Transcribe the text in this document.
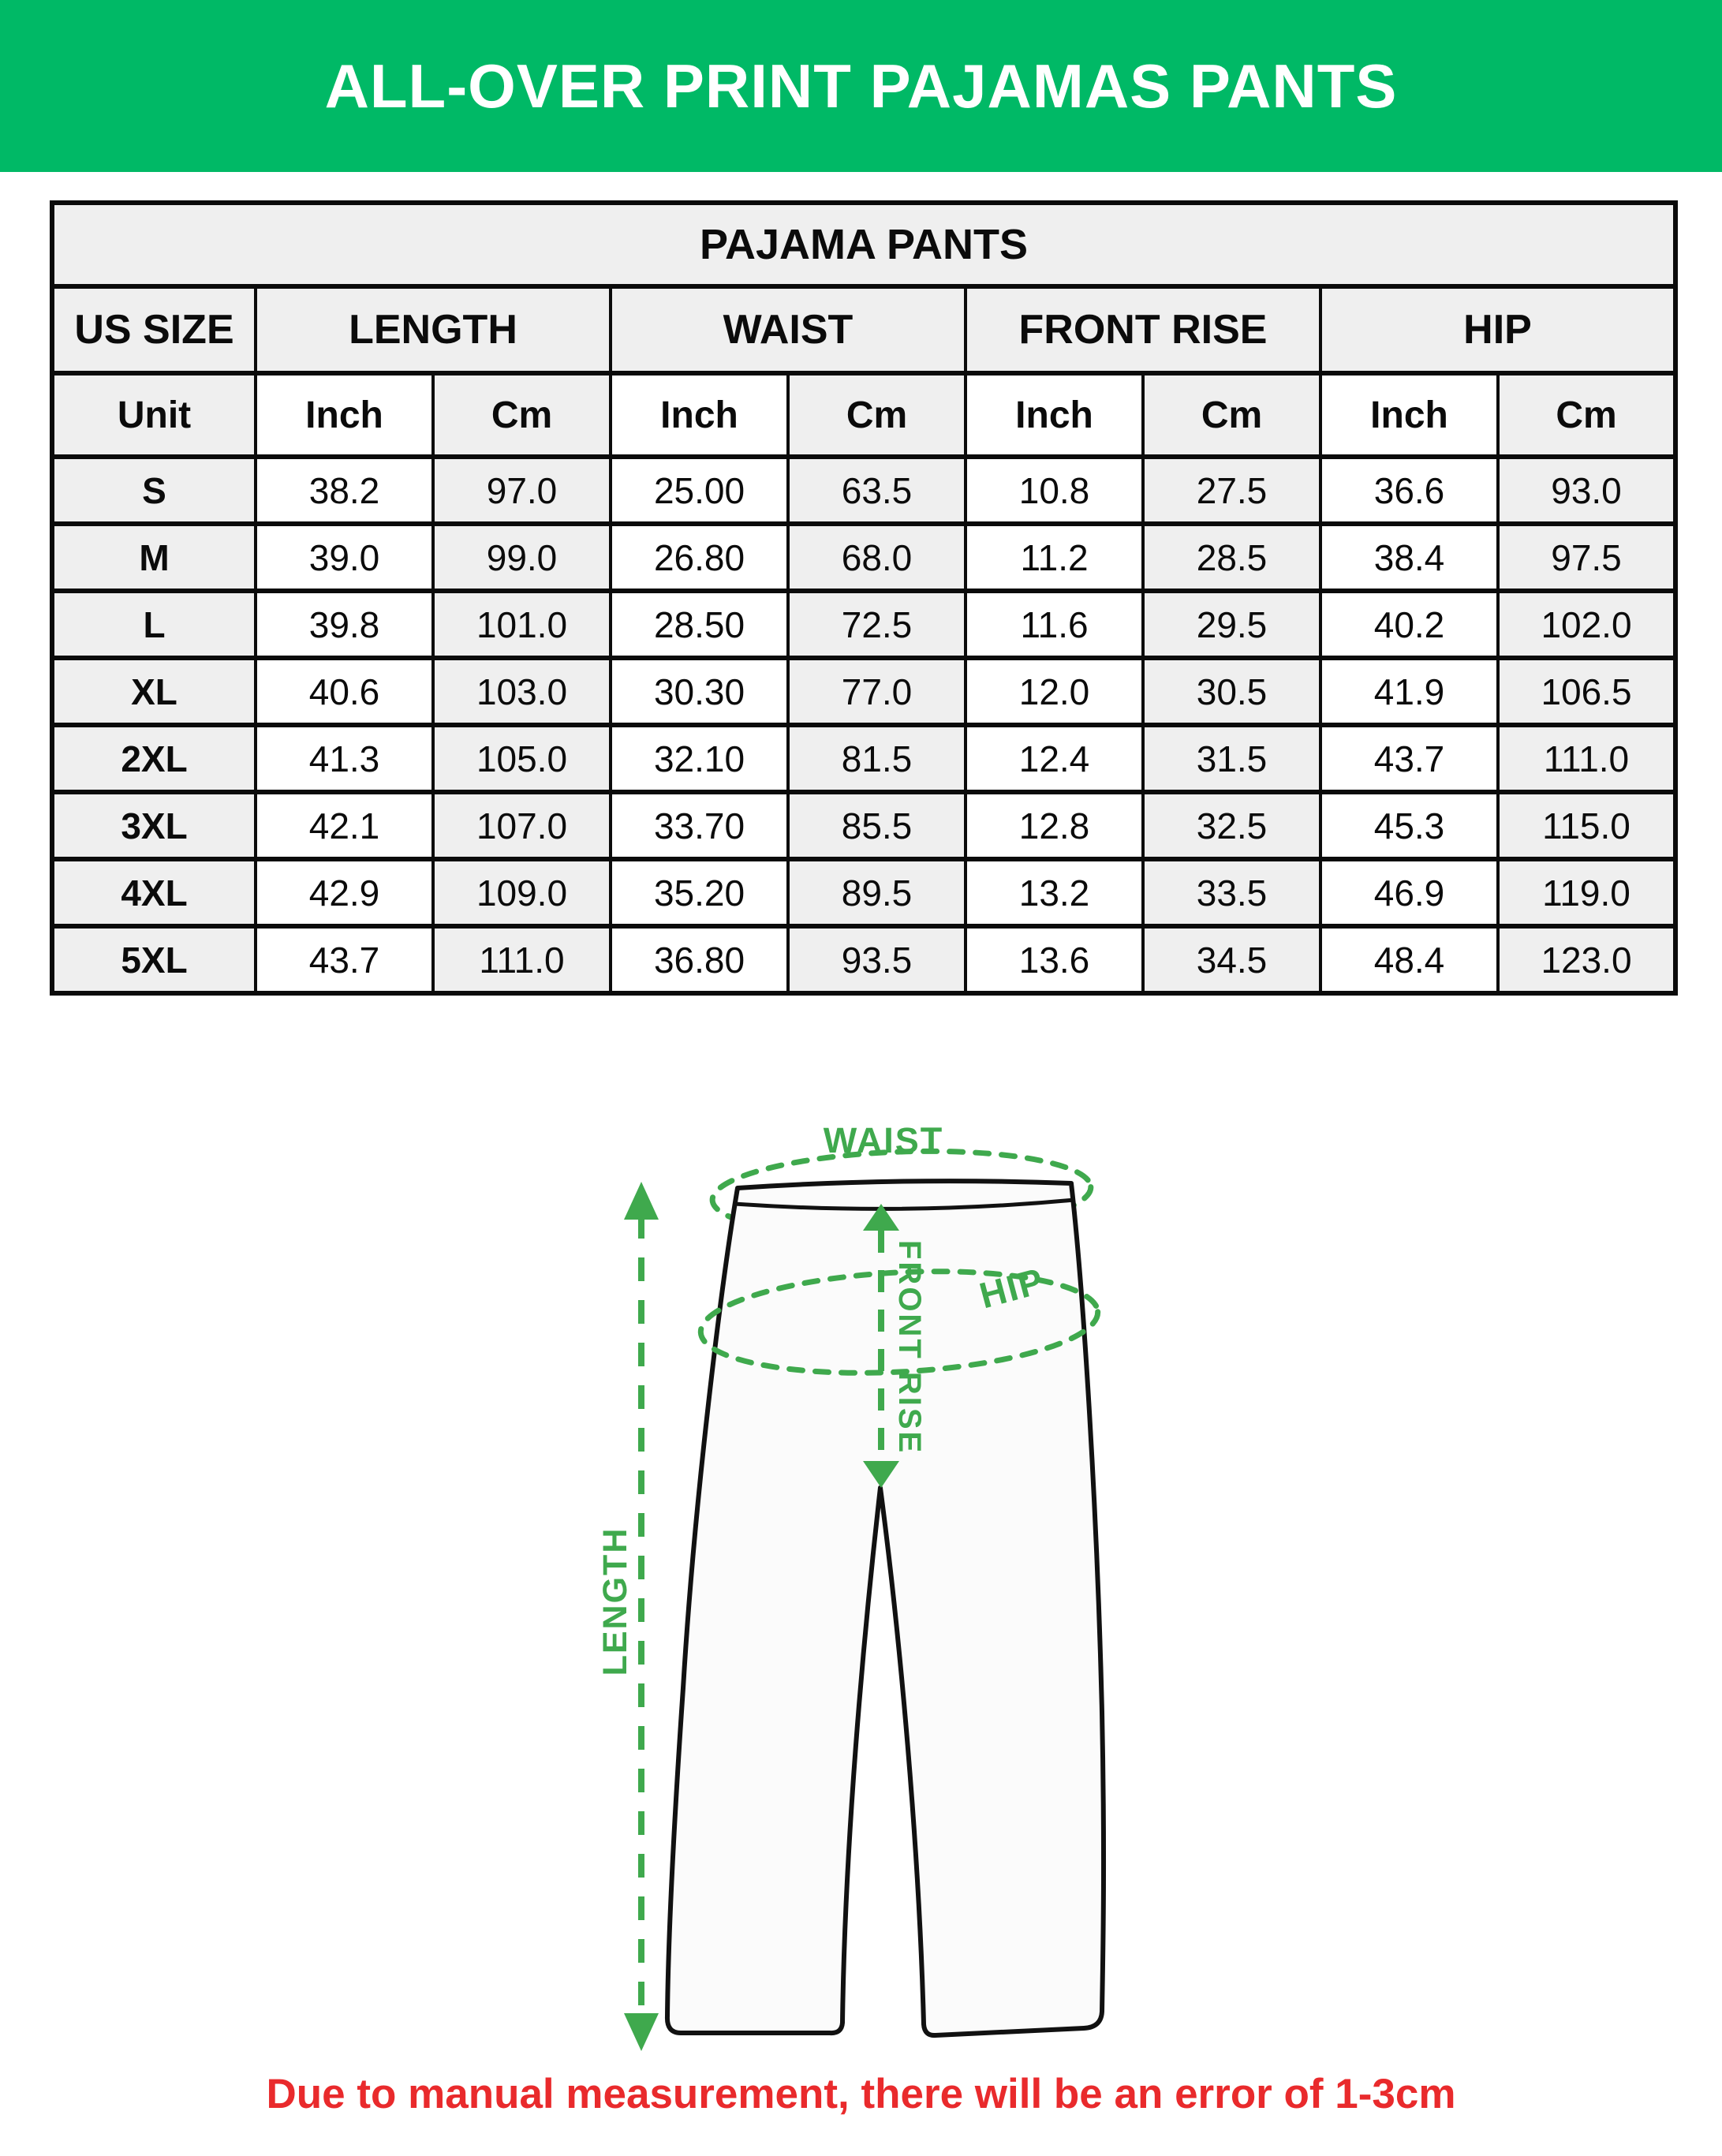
ALL-OVER PRINT PAJAMAS PANTS
PAJAMA PANTS								
US SIZE	LENGTH		WAIST		FRONT RISE		HIP	
Unit	Inch	Cm	Inch	Cm	Inch	Cm	Inch	Cm
S	38.2	97.0	25.00	63.5	10.8	27.5	36.6	93.0
M	39.0	99.0	26.80	68.0	11.2	28.5	38.4	97.5
L	39.8	101.0	28.50	72.5	11.6	29.5	40.2	102.0
XL	40.6	103.0	30.30	77.0	12.0	30.5	41.9	106.5
2XL	41.3	105.0	32.10	81.5	12.4	31.5	43.7	111.0
3XL	42.1	107.0	33.70	85.5	12.8	32.5	45.3	115.0
4XL	42.9	109.0	35.20	89.5	13.2	33.5	46.9	119.0
5XL	43.7	111.0	36.80	93.5	13.6	34.5	48.4	123.0
FRONT RISE HIP
WAIST
LENGTH
Due to manual measurement, there will be an error of 1-3cm
